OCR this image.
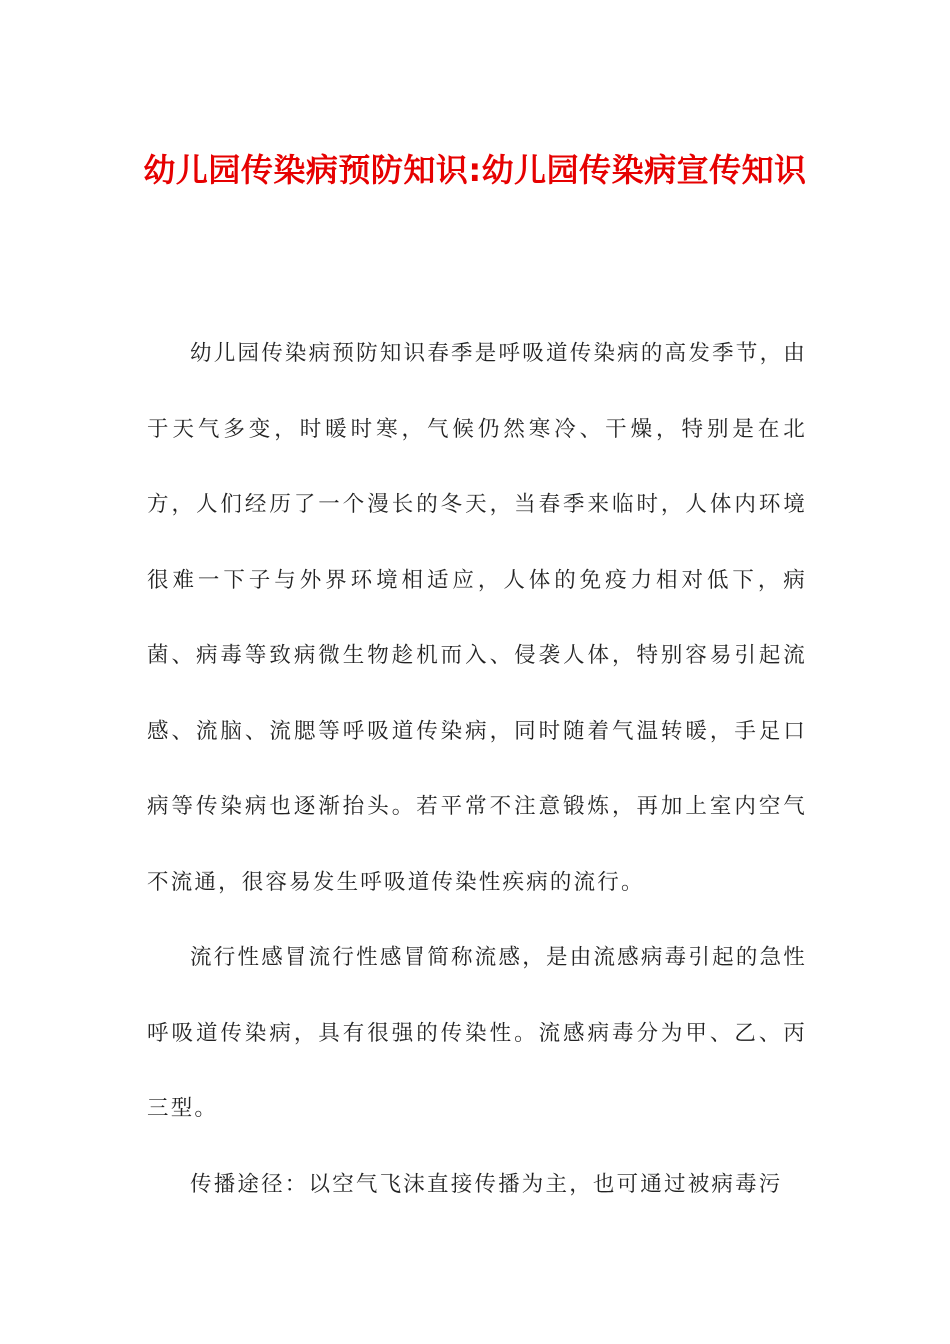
幼儿园传染病预防知识:幼儿园传染病宣传知识

幼儿园传染病预防知识春季是呼吸道传染病的高发季节，由于天气多变，时暖时寒，气候仍然寒冷、干燥，特别是在北方，人们经历了一个漫长的冬天，当春季来临时，人体内环境很难一下子与外界环境相适应，人体的免疫力相对低下，病菌、病毒等致病微生物趁机而入、侵袭人体，特别容易引起流感、流脑、流腮等呼吸道传染病，同时随着气温转暖，手足口病等传染病也逐渐抬头。若平常不注意锻炼，再加上室内空气不流通，很容易发生呼吸道传染性疾病的流行。

流行性感冒流行性感冒简称流感，是由流感病毒引起的急性呼吸道传染病，具有很强的传染性。流感病毒分为甲、乙、丙三型。

传播途径：以空气飞沫直接传播为主，也可通过被病毒污
